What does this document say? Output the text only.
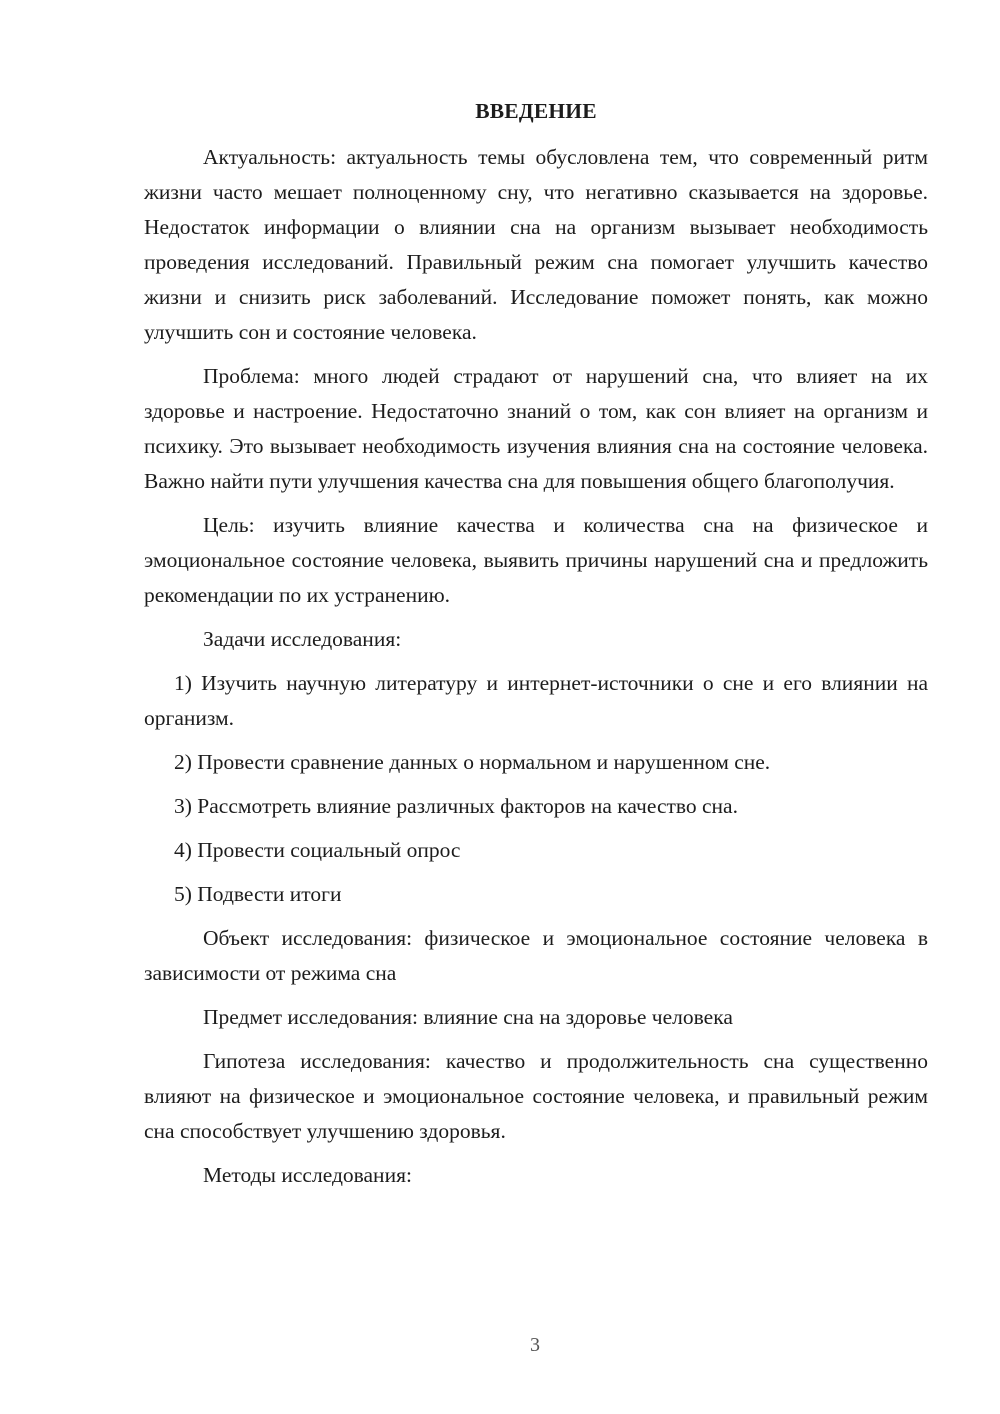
ВВЕДЕНИЕ

Актуальность: актуальность темы обусловлена тем, что современный ритм жизни часто мешает полноценному сну, что негативно сказывается на здоровье. Недостаток информации о влиянии сна на организм вызывает необходимость проведения исследований. Правильный режим сна помогает улучшить качество жизни и снизить риск заболеваний. Исследование поможет понять, как можно улучшить сон и состояние человека.

Проблема: много людей страдают от нарушений сна, что влияет на их здоровье и настроение. Недостаточно знаний о том, как сон влияет на организм и психику. Это вызывает необходимость изучения влияния сна на состояние человека. Важно найти пути улучшения качества сна для повышения общего благополучия.

Цель: изучить влияние качества и количества сна на физическое и эмоциональное состояние человека, выявить причины нарушений сна и предложить рекомендации по их устранению.

Задачи исследования:

1) Изучить научную литературу и интернет-источники о сне и его влиянии на организм.

2) Провести сравнение данных о нормальном и нарушенном сне.

3) Рассмотреть влияние различных факторов на качество сна.

4) Провести социальный опрос

5) Подвести итоги

Объект исследования: физическое и эмоциональное состояние человека в зависимости от режима сна

Предмет исследования: влияние сна на здоровье человека

Гипотеза исследования: качество и продолжительность сна существенно влияют на физическое и эмоциональное состояние человека, и правильный режим сна способствует улучшению здоровья.

Методы исследования:

3
